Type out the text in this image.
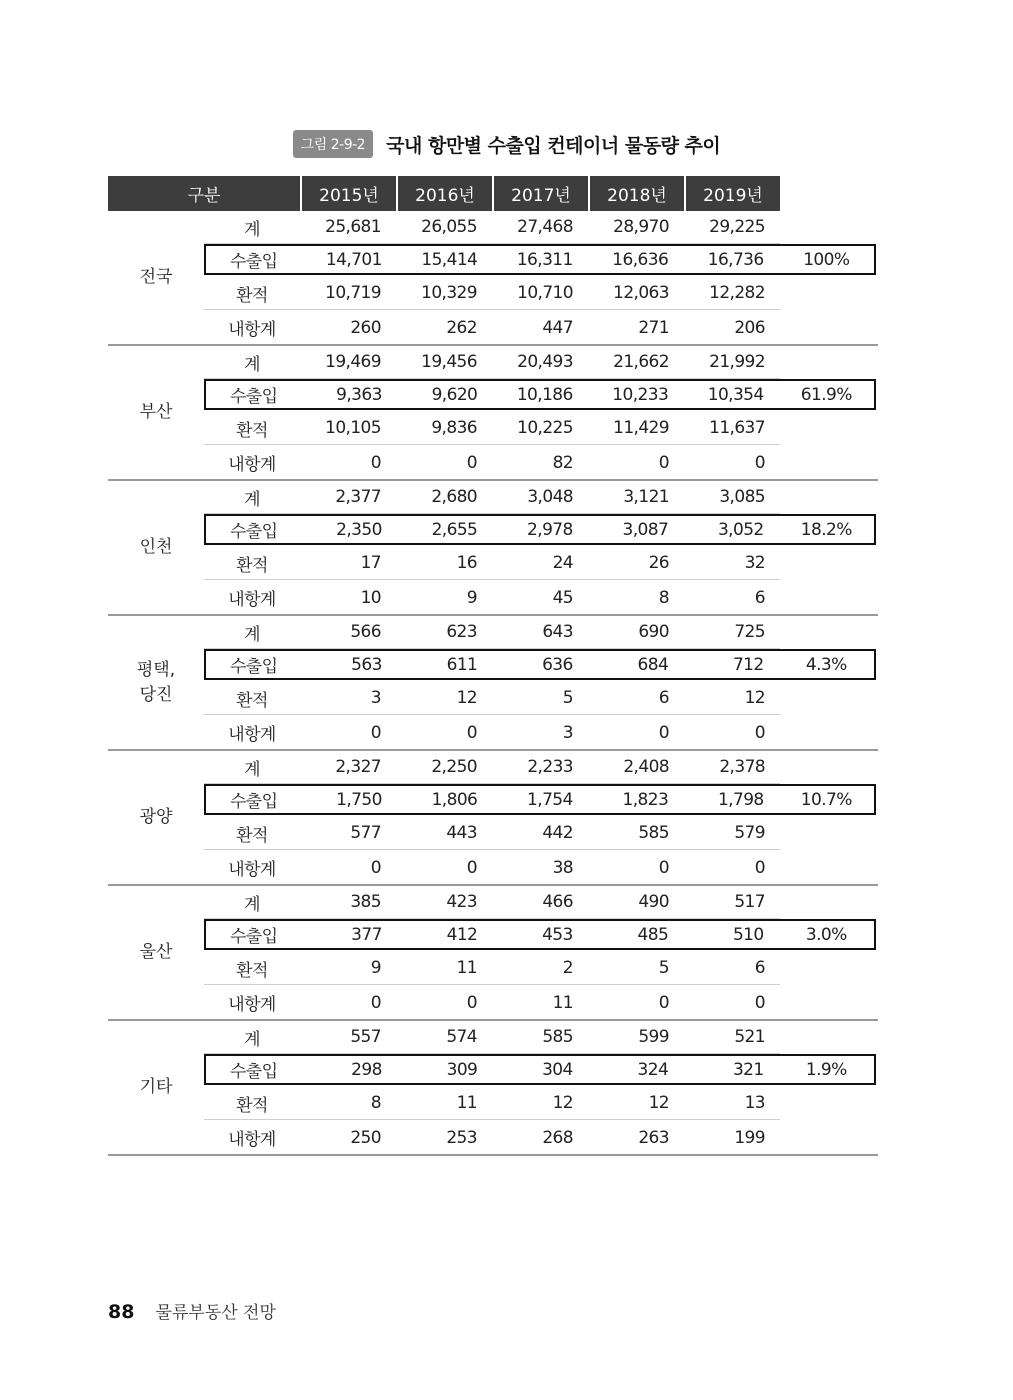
그림 2-9-2 국내 항만별 수출입 컨테이너 물동량 추이
구분	2015년	2016년	2017년	2018년	2019년
전국
계	25,681	26,055	27,468	28,970	29,225
수출입	14,701	15,414	16,311	16,636	16,736	100%
환적	10,719	10,329	10,710	12,063	12,282
내항계	260	262	447	271	206
부산
계	19,469	19,456	20,493	21,662	21,992
수출입	9,363	9,620	10,186	10,233	10,354	61.9%
환적	10,105	9,836	10,225	11,429	11,637
내항계	0	0	82	0	0
인천
계	2,377	2,680	3,048	3,121	3,085
수출입	2,350	2,655	2,978	3,087	3,052	18.2%
환적	17	16	24	26	32
내항계	10	9	45	8	6
평택,
당진
계	566	623	643	690	725
수출입	563	611	636	684	712	4.3%
환적	3	12	5	6	12
내항계	0	0	3	0	0
광양
계	2,327	2,250	2,233	2,408	2,378
수출입	1,750	1,806	1,754	1,823	1,798	10.7%
환적	577	443	442	585	579
내항계	0	0	38	0	0
울산
계	385	423	466	490	517
수출입	377	412	453	485	510	3.0%
환적	9	11	2	5	6
내항계	0	0	11	0	0
기타
계	557	574	585	599	521
수출입	298	309	304	324	321	1.9%
환적	8	11	12	12	13
내항계	250	253	268	263	199
88 물류부동산 전망
